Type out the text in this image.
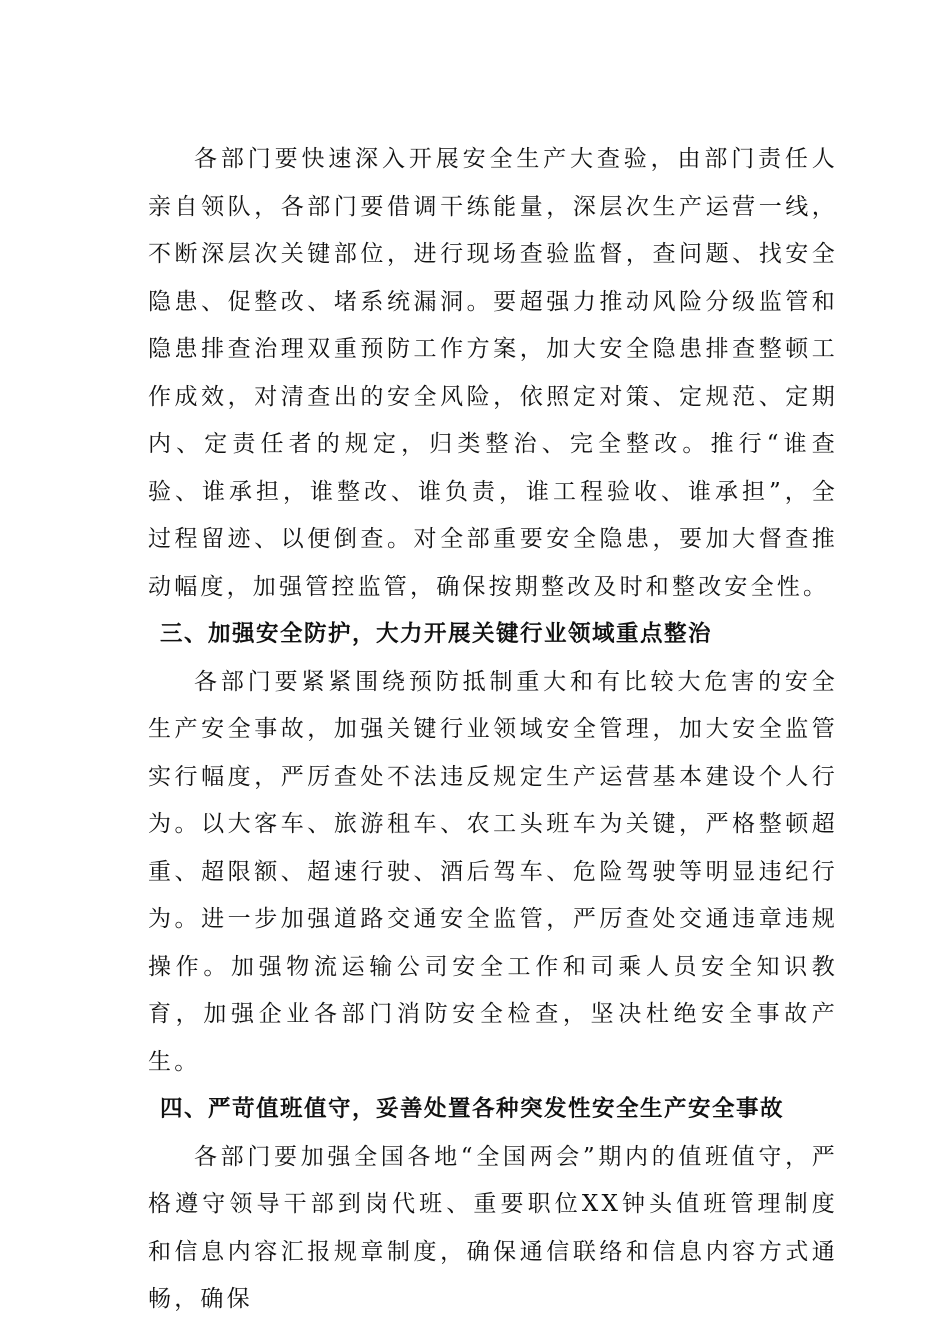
各部门要快速深入开展安全生产大查验，由部门责任人亲自领队，各部门要借调干练能量，深层次生产运营一线，不断深层次关键部位，进行现场查验监督，查问题、找安全隐患、促整改、堵系统漏洞。要超强力推动风险分级监管和隐患排查治理双重预防工作方案，加大安全隐患排查整顿工作成效，对清查出的安全风险，依照定对策、定规范、定期内、定责任者的规定，归类整治、完全整改。推行“谁查验、谁承担，谁整改、谁负责，谁工程验收、谁承担”，全过程留迹、以便倒查。对全部重要安全隐患，要加大督查推动幅度，加强管控监管，确保按期整改及时和整改安全性。

三、加强安全防护，大力开展关键行业领域重点整治

各部门要紧紧围绕预防抵制重大和有比较大危害的安全生产安全事故，加强关键行业领域安全管理，加大安全监管实行幅度，严厉查处不法违反规定生产运营基本建设个人行为。以大客车、旅游租车、农工头班车为关键，严格整顿超重、超限额、超速行驶、酒后驾车、危险驾驶等明显违纪行为。进一步加强道路交通安全监管，严厉查处交通违章违规操作。加强物流运输公司安全工作和司乘人员安全知识教育，加强企业各部门消防安全检查，坚决杜绝安全事故产生。

四、严苛值班值守，妥善处置各种突发性安全生产安全事故

各部门要加强全国各地“全国两会”期内的值班值守，严格遵守领导干部到岗代班、重要职位XX钟头值班管理制度和信息内容汇报规章制度，确保通信联络和信息内容方式通畅，确保
